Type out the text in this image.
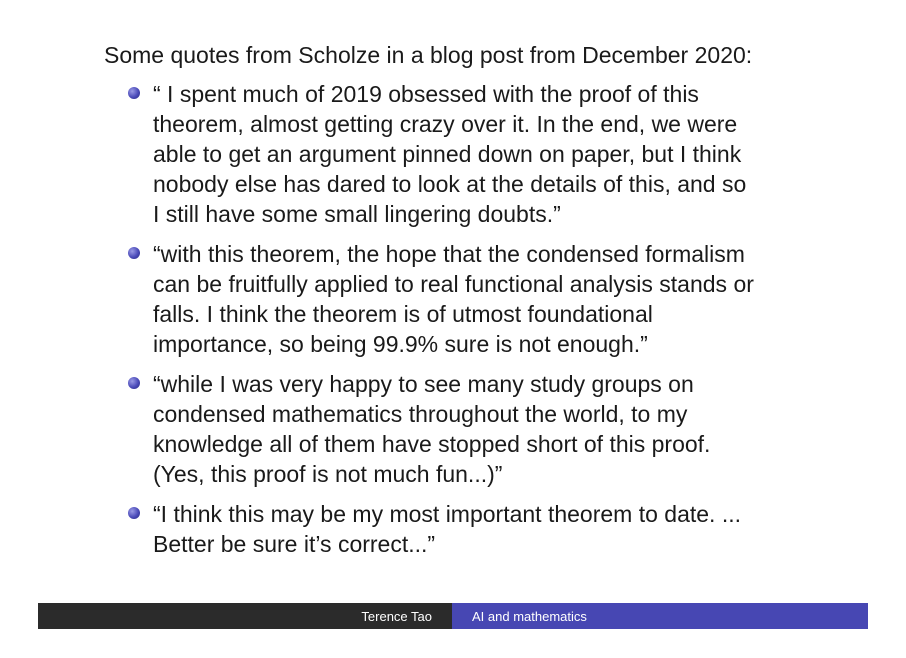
Some quotes from Scholze in a blog post from December 2020:
“ I spent much of 2019 obsessed with the proof of this
theorem, almost getting crazy over it. In the end, we were
able to get an argument pinned down on paper, but I think
nobody else has dared to look at the details of this, and so
I still have some small lingering doubts.”
“with this theorem, the hope that the condensed formalism
can be fruitfully applied to real functional analysis stands or
falls. I think the theorem is of utmost foundational
importance, so being 99.9% sure is not enough.”
“while I was very happy to see many study groups on
condensed mathematics throughout the world, to my
knowledge all of them have stopped short of this proof.
(Yes, this proof is not much fun...)”
“I think this may be my most important theorem to date. ...
Better be sure it’s correct...”
Terence Tao	AI and mathematics
